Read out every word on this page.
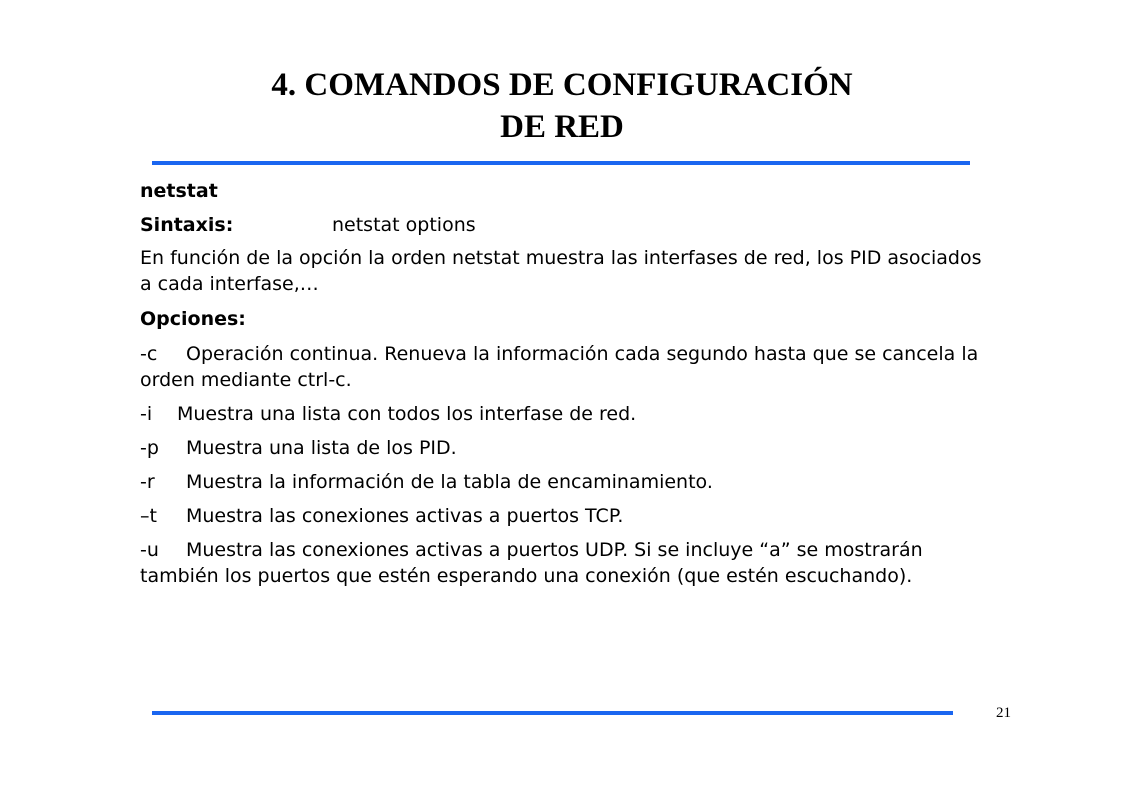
4. COMANDOS DE CONFIGURACIÓN
DE RED

netstat

Sintaxis:	netstat options

En función de la opción la orden netstat muestra las interfases de red, los PID asociados a cada interfase,…

Opciones:

-c Operación continua. Renueva la información cada segundo hasta que se cancela la orden mediante ctrl-c.

-i Muestra una lista con todos los interfase de red.

-p Muestra una lista de los PID.

-r Muestra la información de la tabla de encaminamiento.

–t Muestra las conexiones activas a puertos TCP.

-u Muestra las conexiones activas a puertos UDP. Si se incluye “a” se mostrarán también los puertos que estén esperando una conexión (que estén escuchando).

21
